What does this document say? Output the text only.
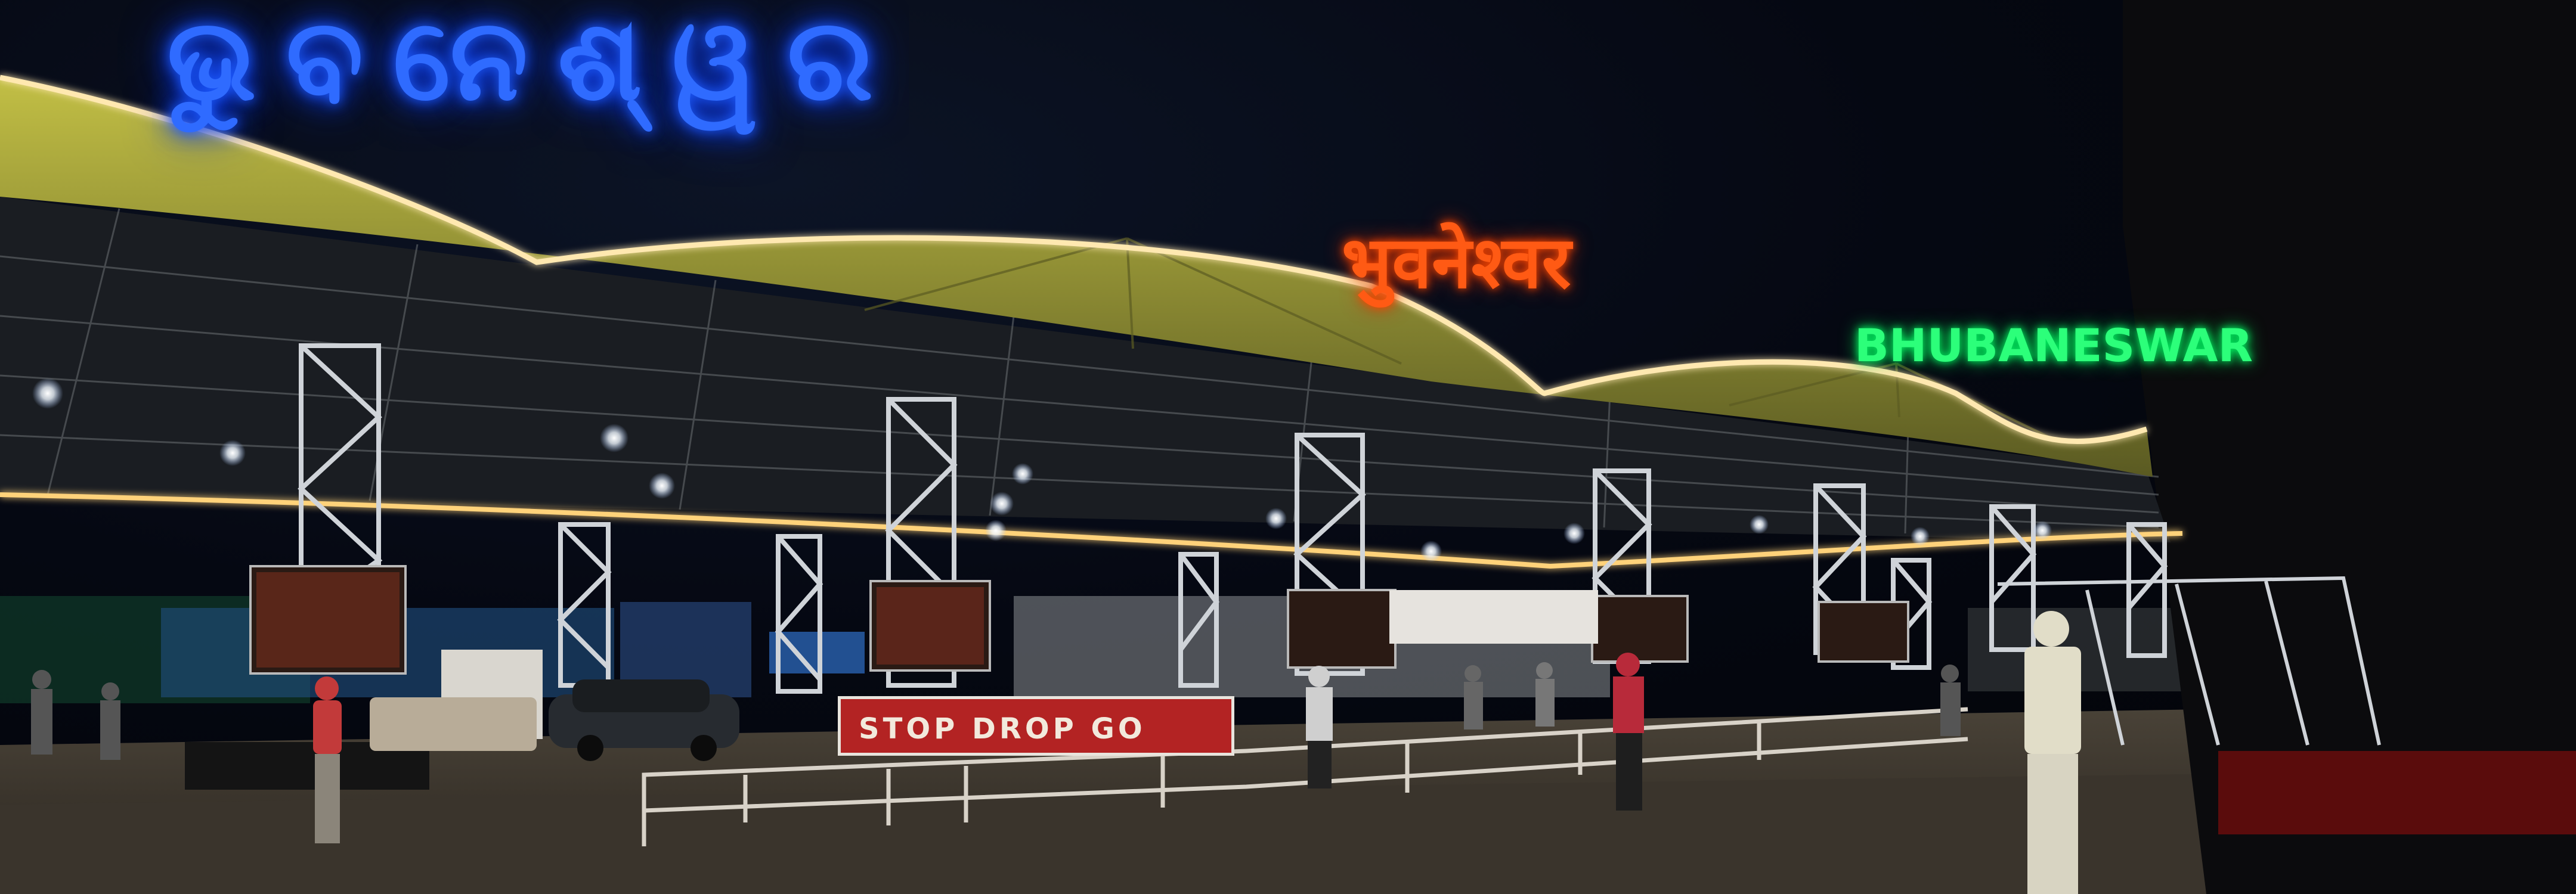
ଭୁବନେଶ୍ୱର
भुवनेश्वर
BHUBANESWAR
STOP DROP GO
